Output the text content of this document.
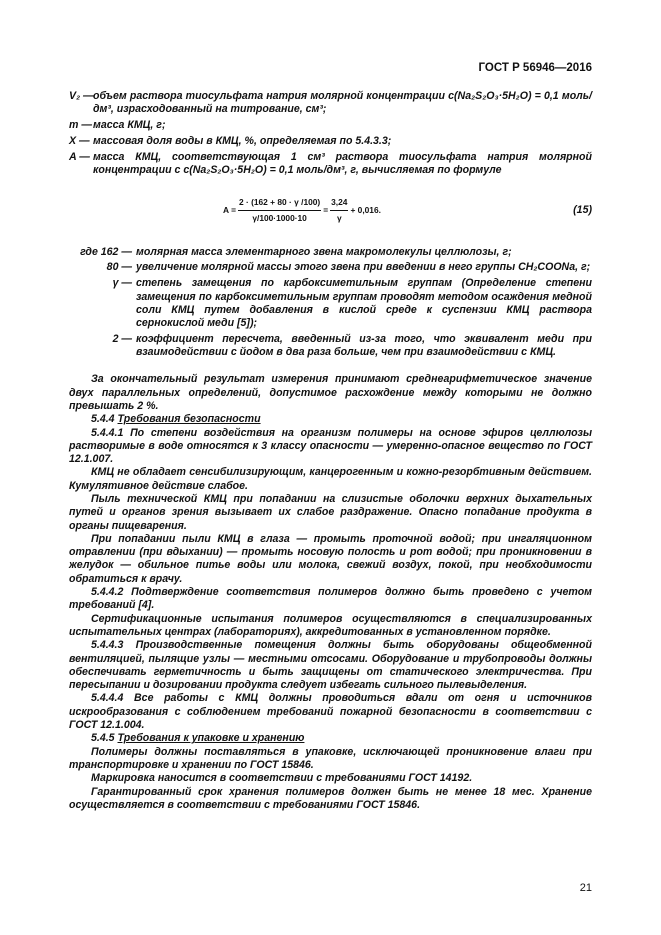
ГОСТ Р 56946—2016
V₂ — объем раствора тиосульфата натрия молярной концентрации c(Na₂S₂O₃·5H₂O) = 0,1 моль/дм³, израсходованный на титрование, см³;
m — масса КМЦ, г;
X — массовая доля воды в КМЦ, %, определяемая по 5.4.3.3;
A — масса КМЦ, соответствующая 1 см³ раствора тиосульфата натрия молярной концентрации с c(Na₂S₂O₃·5H₂O) = 0,1 моль/дм³, г, вычисляемая по формуле
$A = \frac{2 \cdot (162 + 80 \cdot \gamma /100)}{\gamma/100\cdot 1000\cdot 10} = \frac{3,24}{\gamma} + 0,016$.	(15)
где 162 — молярная масса элементарного звена макромолекулы целлюлозы, г;
80 — увеличение молярной массы этого звена при введении в него группы CH₂COONa, г;
γ — степень замещения по карбоксиметильным группам (Определение степени замещения по карбоксиметильным группам проводят методом осаждения медной соли КМЦ путем добавления в кислой среде к суспензии КМЦ раствора сернокислой меди [5]);
2 — коэффициент пересчета, введенный из-за того, что эквивалент меди при взаимодействии с йодом в два раза больше, чем при взаимодействии с КМЦ.

За окончательный результат измерения принимают среднеарифметическое значение двух параллельных определений, допустимое расхождение между которыми не должно превышать 2 %.

5.4.4 Требования безопасности

5.4.4.1 По степени воздействия на организм полимеры на основе эфиров целлюлозы растворимые в воде относятся к 3 классу опасности — умеренно-опасное вещество по ГОСТ 12.1.007.

КМЦ не обладает сенсибилизирующим, канцерогенным и кожно-резорбтивным действием. Кумулятивное действие слабое.

Пыль технической КМЦ при попадании на слизистые оболочки верхних дыхательных путей и органов зрения вызывает их слабое раздражение. Опасно попадание продукта в органы пищеварения.

При попадании пыли КМЦ в глаза — промыть проточной водой; при ингаляционном отравлении (при вдыхании) — промыть носовую полость и рот водой; при проникновении в желудок — обильное питье воды или молока, свежий воздух, покой, при необходимости обратиться к врачу.

5.4.4.2 Подтверждение соответствия полимеров должно быть проведено с учетом требований [4].

Сертификационные испытания полимеров осуществляются в специализированных испытательных центрах (лабораториях), аккредитованных в установленном порядке.

5.4.4.3 Производственные помещения должны быть оборудованы общеобменной вентиляцией, пылящие узлы — местными отсосами. Оборудование и трубопроводы должны обеспечивать герметичность и быть защищены от статического электричества. При пересыпании и дозировании продукта следует избегать сильного пылевыделения.

5.4.4.4 Все работы с КМЦ должны проводиться вдали от огня и источников искрообразования с соблюдением требований пожарной безопасности в соответствии с ГОСТ 12.1.004.

5.4.5 Требования к упаковке и хранению

Полимеры должны поставляться в упаковке, исключающей проникновение влаги при транспортировке и хранении по ГОСТ 15846.

Маркировка наносится в соответствии с требованиями ГОСТ 14192.

Гарантированный срок хранения полимеров должен быть не менее 18 мес. Хранение осуществляется в соответствии с требованиями ГОСТ 15846.

21
